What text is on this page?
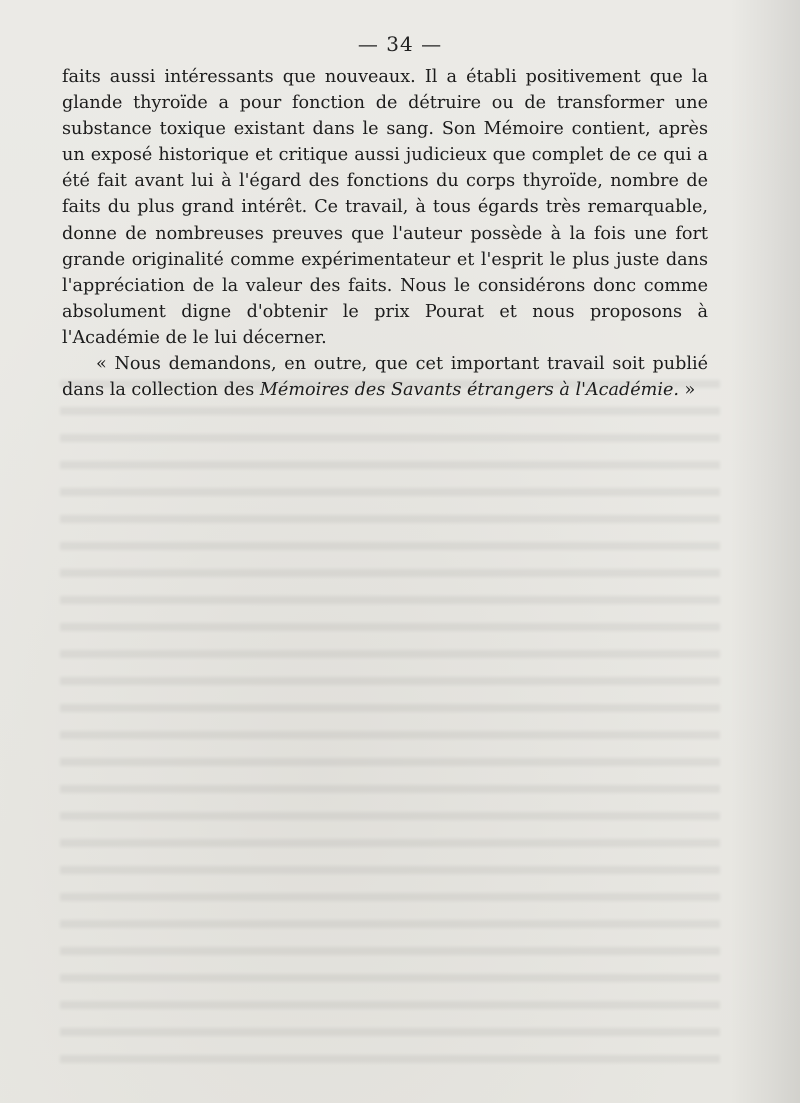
— 34 —

faits aussi intéressants que nouveaux. Il a établi positivement que la glande thyroïde a pour fonction de détruire ou de transformer une substance toxique existant dans le sang. Son Mémoire contient, après un exposé historique et critique aussi judicieux que complet de ce qui a été fait avant lui à l'égard des fonctions du corps thyroïde, nombre de faits du plus grand intérêt. Ce travail, à tous égards très remarquable, donne de nombreuses preuves que l'auteur possède à la fois une fort grande originalité comme expérimentateur et l'esprit le plus juste dans l'appréciation de la valeur des faits. Nous le considérons donc comme absolument digne d'obtenir le prix Pourat et nous proposons à l'Académie de le lui décerner.

« Nous demandons, en outre, que cet important travail soit publié dans la collection des Mémoires des Savants étrangers à l'Académie. »
